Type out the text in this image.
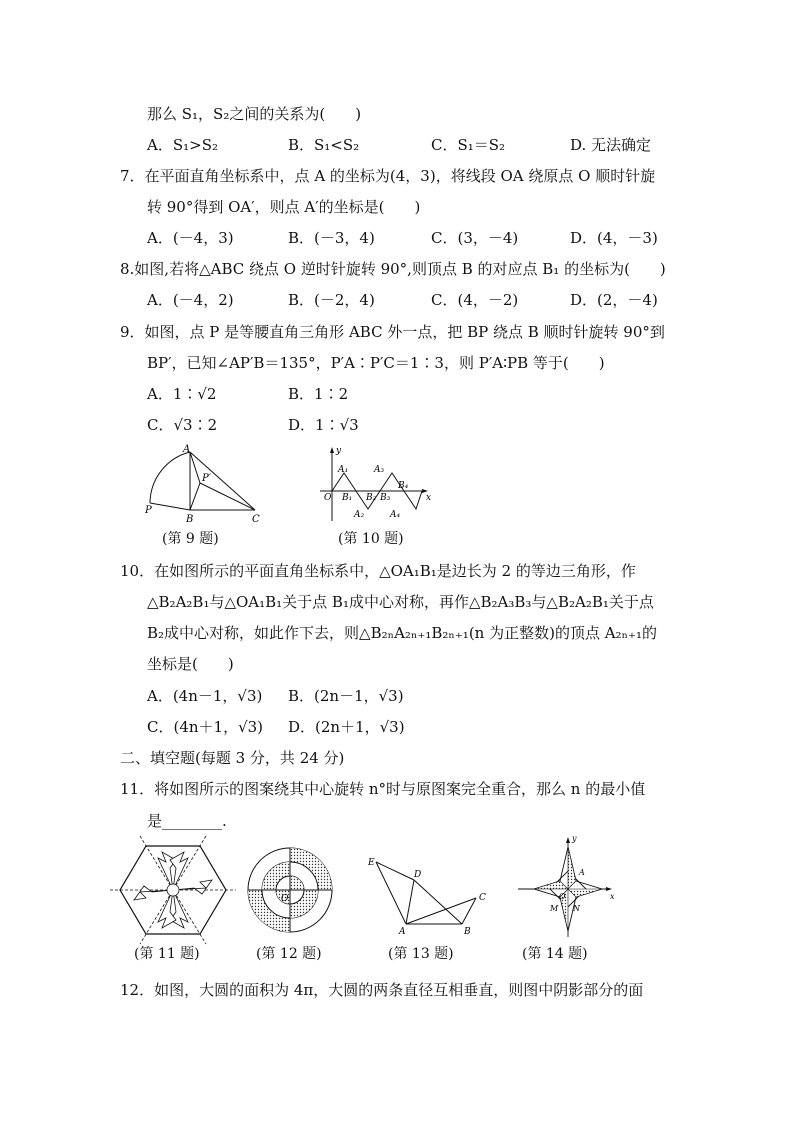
那么 S₁，S₂之间的关系为(　　)
A．S₁>S₂	B．S₁<S₂	C．S₁＝S₂	D. 无法确定
7．在平面直角坐标系中，点 A 的坐标为(4，3)，将线段 OA 绕原点 O 顺时针旋
转 90°得到 OA′，则点 A′的坐标是(　　)
A．(－4，3)	B．(－3，4)	C．(3，－4)	D．(4，－3)
8.如图,若将△ABC 绕点 O 逆时针旋转 90°,则顶点 B 的对应点 B₁ 的坐标为(　　)
A．(－4，2)	B．(－2，4)	C．(4，－2)	D．(2，－4)
9．如图，点 P 是等腰直角三角形 ABC 外一点，把 BP 绕点 B 顺时针旋转 90°到
BP′，已知∠AP′B＝135°，P′A∶P′C＝1∶3，则 P′A∶PB 等于(　　)
A．1∶√2	B．1∶2
C．√3∶2	D．1∶√3
A
P′
P
B	C
(第 9 题)
y
x
O
A₁	A₃
B₁ B₂ B₃
B₄
A₂	A₄
(第 10 题)
10．在如图所示的平面直角坐标系中，△OA₁B₁是边长为 2 的等边三角形，作
△B₂A₂B₁与△OA₁B₁关于点 B₁成中心对称，再作△B₂A₃B₃与△B₂A₂B₁关于点
B₂成中心对称，如此作下去，则△B₂ₙA₂ₙ₊₁B₂ₙ₊₁(n 为正整数)的顶点 A₂ₙ₊₁的
坐标是(　　)
A．(4n－1，√3) B．(2n－1，√3)
C．(4n＋1，√3) D．(2n＋1，√3)
二、填空题(每题 3 分，共 24 分)
11．将如图所示的图案绕其中心旋转 n°时与原图案完全重合，那么 n 的最小值
是________.
(第 11 题)
O
(第 12 题)
E
D
C
A	B
(第 13 题)
y
x
A
O
M N
(第 14 题)
12．如图，大圆的面积为 4π，大圆的两条直径互相垂直，则图中阴影部分的面
